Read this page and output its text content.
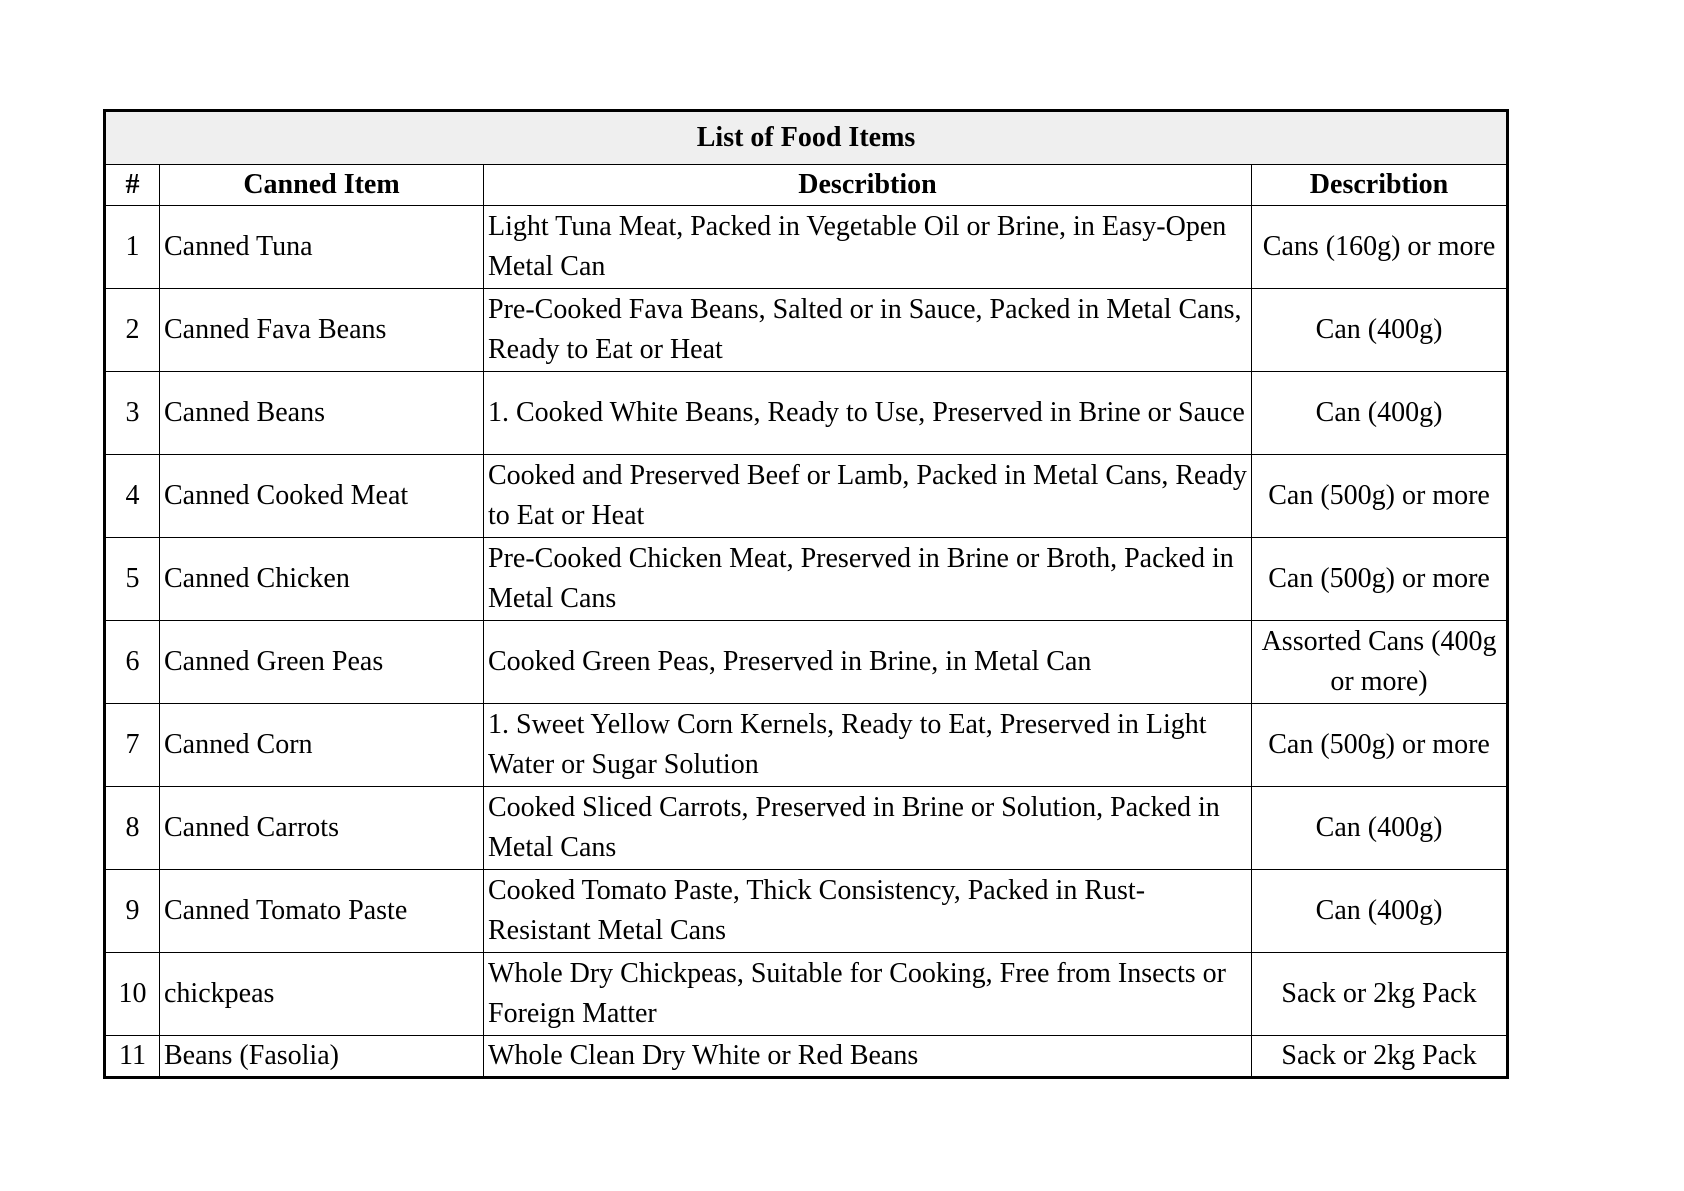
List of Food Items			
#	Canned Item	Describtion	Describtion
1	Canned Tuna	Light Tuna Meat, Packed in Vegetable Oil or Brine, in Easy-Open Metal Can	Cans (160g) or more
2	Canned Fava Beans	Pre-Cooked Fava Beans, Salted or in Sauce, Packed in Metal Cans, Ready to Eat or Heat	Can (400g)
3	Canned Beans	1. Cooked White Beans, Ready to Use, Preserved in Brine or Sauce	Can (400g)
4	Canned Cooked Meat	Cooked and Preserved Beef or Lamb, Packed in Metal Cans, Ready to Eat or Heat	Can (500g) or more
5	Canned Chicken	Pre-Cooked Chicken Meat, Preserved in Brine or Broth, Packed in Metal Cans	Can (500g) or more
6	Canned Green Peas	Cooked Green Peas, Preserved in Brine, in Metal Can	Assorted Cans (400g or more)
7	Canned Corn	1. Sweet Yellow Corn Kernels, Ready to Eat, Preserved in Light Water or Sugar Solution	Can (500g) or more
8	Canned Carrots	Cooked Sliced Carrots, Preserved in Brine or Solution, Packed in Metal Cans	Can (400g)
9	Canned Tomato Paste	Cooked Tomato Paste, Thick Consistency, Packed in Rust-Resistant Metal Cans	Can (400g)
10	chickpeas	Whole Dry Chickpeas, Suitable for Cooking, Free from Insects or Foreign Matter	Sack or 2kg Pack
11	Beans (Fasolia)	Whole Clean Dry White or Red Beans	Sack or 2kg Pack
